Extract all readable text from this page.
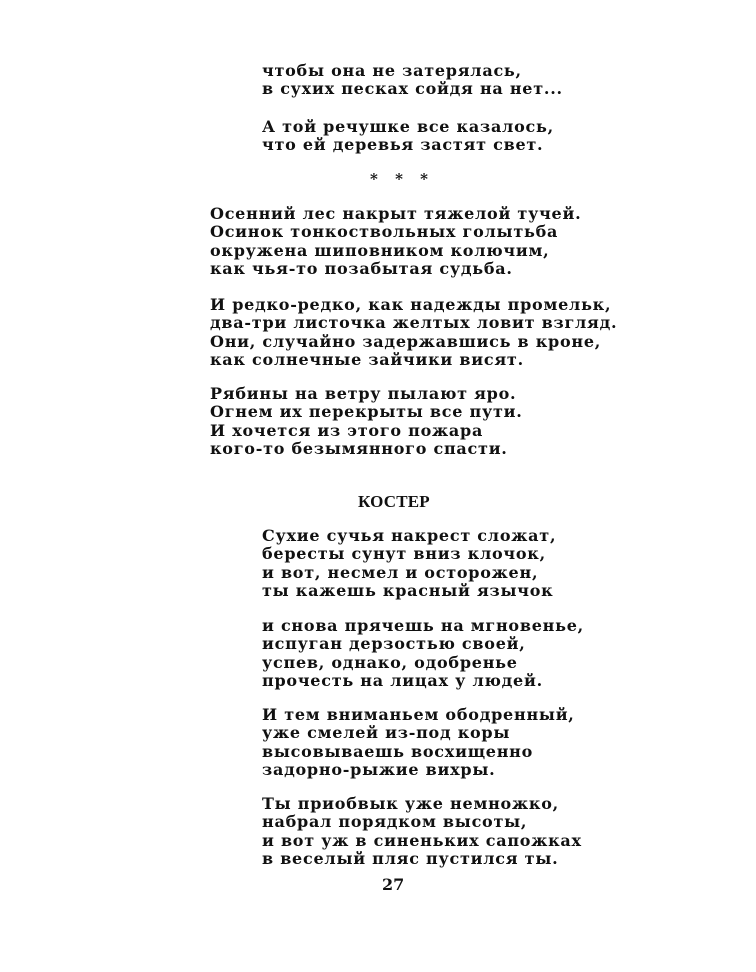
чтобы она не затерялась,
в сухих песках сойдя на нет...
А той речушке все казалось,
что ей деревья застят свет.
* * *
Осенний лес накрыт тяжелой тучей.
Осинок тонкоствольных голытьба
окружена шиповником колючим,
как чья-то позабытая судьба.
И редко-редко, как надежды промельк,
два-три листочка желтых ловит взгляд.
Они, случайно задержавшись в кроне,
как солнечные зайчики висят.
Рябины на ветру пылают яро.
Огнем их перекрыты все пути.
И хочется из этого пожара
кого-то безымянного спасти.
КОСТЕР
Сухие сучья накрест сложат,
бересты сунут вниз клочок,
и вот, несмел и осторожен,
ты кажешь красный язычок
и снова прячешь на мгновенье,
испуган дерзостью своей,
успев, однако, одобренье
прочесть на лицах у людей.
И тем вниманьем ободренный,
уже смелей из-под коры
высовываешь восхищенно
задорно-рыжие вихры.
Ты приобвык уже немножко,
набрал порядком высоты,
и вот уж в синеньких сапожках
в веселый пляс пустился ты.
27
